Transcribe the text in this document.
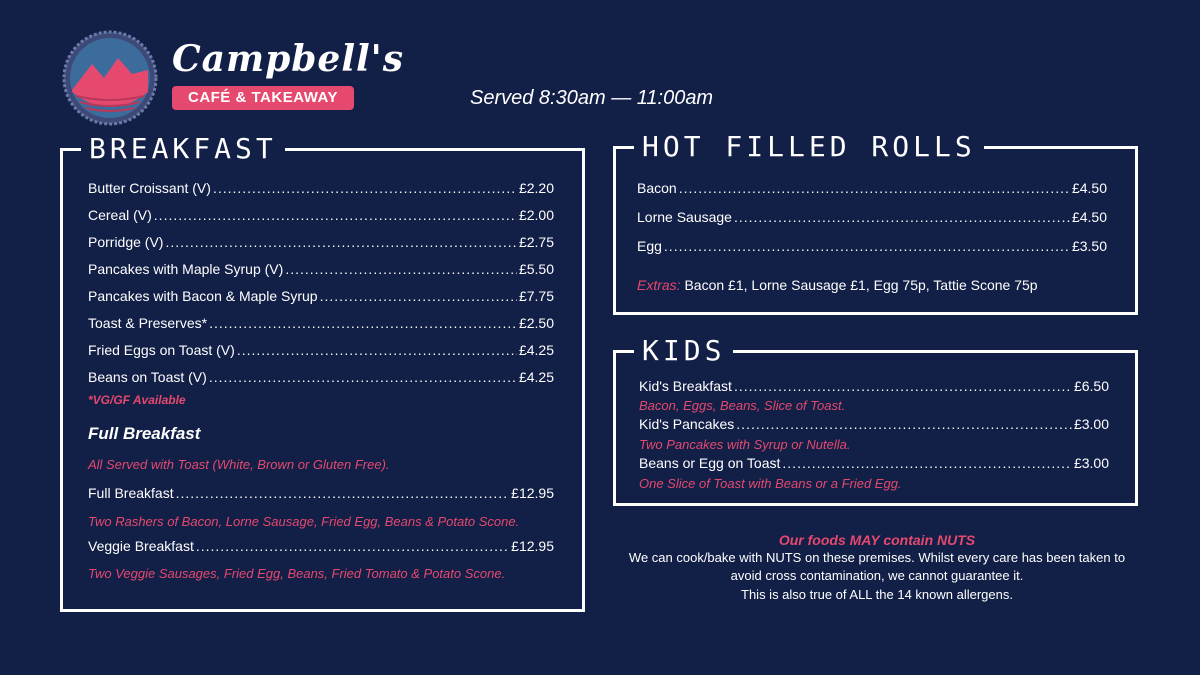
Campbell's
CAFÉ & TAKEAWAY	Served 8:30am — 11:00am
BREAKFAST
Butter Croissant (V) .....	£2.20
Cereal (V) .....	£2.00
Porridge (V) .....	£2.75
Pancakes with Maple Syrup (V) .....	£5.50
Pancakes with Bacon & Maple Syrup .....	£7.75
Toast & Preserves* .....	£2.50
Fried Eggs on Toast (V) .....	£4.25
Beans on Toast (V) .....	£4.25
*VG/GF Available
Full Breakfast
All Served with Toast (White, Brown or Gluten Free).
Full Breakfast .....	£12.95
Two Rashers of Bacon, Lorne Sausage, Fried Egg, Beans & Potato Scone.
Veggie Breakfast .....	£12.95
Two Veggie Sausages, Fried Egg, Beans, Fried Tomato & Potato Scone.
HOT FILLED ROLLS
Bacon .....	£4.50
Lorne Sausage .....	£4.50
Egg .....	£3.50
Extras: Bacon £1, Lorne Sausage £1, Egg 75p, Tattie Scone 75p
KIDS
Kid's Breakfast .....	£6.50
Bacon, Eggs, Beans, Slice of Toast.
Kid's Pancakes .....	£3.00
Two Pancakes with Syrup or Nutella.
Beans or Egg on Toast .....	£3.00
One Slice of Toast with Beans or a Fried Egg.
Our foods MAY contain NUTS
We can cook/bake with NUTS on these premises. Whilst every care has been taken to avoid cross contamination, we cannot guarantee it.
This is also true of ALL the 14 known allergens.
